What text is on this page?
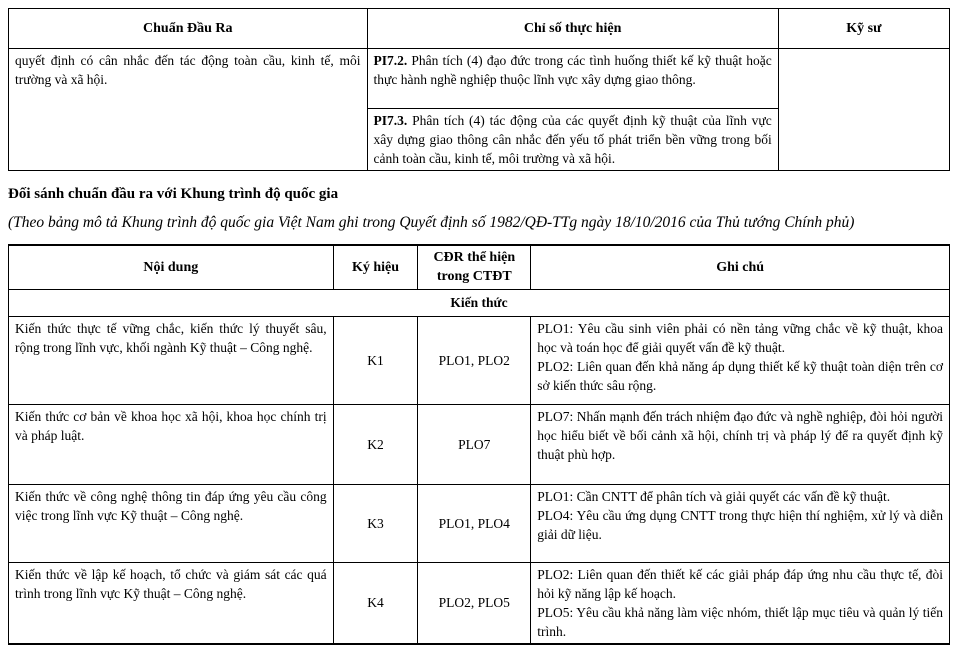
Chuẩn Đầu Ra	Chỉ số thực hiện	Kỹ sư
quyết định có cân nhắc đến tác động toàn cầu, kinh tế, môi trường và xã hội.	PI7.2. Phân tích (4) đạo đức trong các tình huống thiết kế kỹ thuật hoặc thực hành nghề nghiệp thuộc lĩnh vực xây dựng giao thông.	
	PI7.3. Phân tích (4) tác động của các quyết định kỹ thuật của lĩnh vực xây dựng giao thông cân nhắc đến yếu tố phát triển bền vững trong bối cảnh toàn cầu, kinh tế, môi trường và xã hội.	
Đối sánh chuẩn đầu ra với Khung trình độ quốc gia
(Theo bảng mô tả Khung trình độ quốc gia Việt Nam ghi trong Quyết định số 1982/QĐ-TTg ngày 18/10/2016 của Thủ tướng Chính phủ)
Nội dung	Ký hiệu	CĐR thể hiện trong CTĐT	Ghi chú
Kiến thức			
Kiến thức thực tế vững chắc, kiến thức lý thuyết sâu, rộng trong lĩnh vực, khối ngành Kỹ thuật – Công nghệ.	K1	PLO1, PLO2	PLO1: Yêu cầu sinh viên phải có nền tảng vững chắc về kỹ thuật, khoa học và toán học để giải quyết vấn đề kỹ thuật.
PLO2: Liên quan đến khả năng áp dụng thiết kế kỹ thuật toàn diện trên cơ sở kiến thức sâu rộng.

Kiến thức cơ bản về khoa học xã hội, khoa học chính trị và pháp luật.	K2	PLO7	PLO7: Nhấn mạnh đến trách nhiệm đạo đức và nghề nghiệp, đòi hỏi người học hiểu biết về bối cảnh xã hội, chính trị và pháp lý để ra quyết định kỹ thuật phù hợp.

Kiến thức về công nghệ thông tin đáp ứng yêu cầu công việc trong lĩnh vực Kỹ thuật – Công nghệ.	K3	PLO1, PLO4	PLO1: Cần CNTT để phân tích và giải quyết các vấn đề kỹ thuật.
PLO4: Yêu cầu ứng dụng CNTT trong thực hiện thí nghiệm, xử lý và diễn giải dữ liệu.

Kiến thức về lập kế hoạch, tổ chức và giám sát các quá trình trong lĩnh vực Kỹ thuật – Công nghệ.	K4	PLO2, PLO5	PLO2: Liên quan đến thiết kế các giải pháp đáp ứng nhu cầu thực tế, đòi hỏi kỹ năng lập kế hoạch.
PLO5: Yêu cầu khả năng làm việc nhóm, thiết lập mục tiêu và quản lý tiến trình.
